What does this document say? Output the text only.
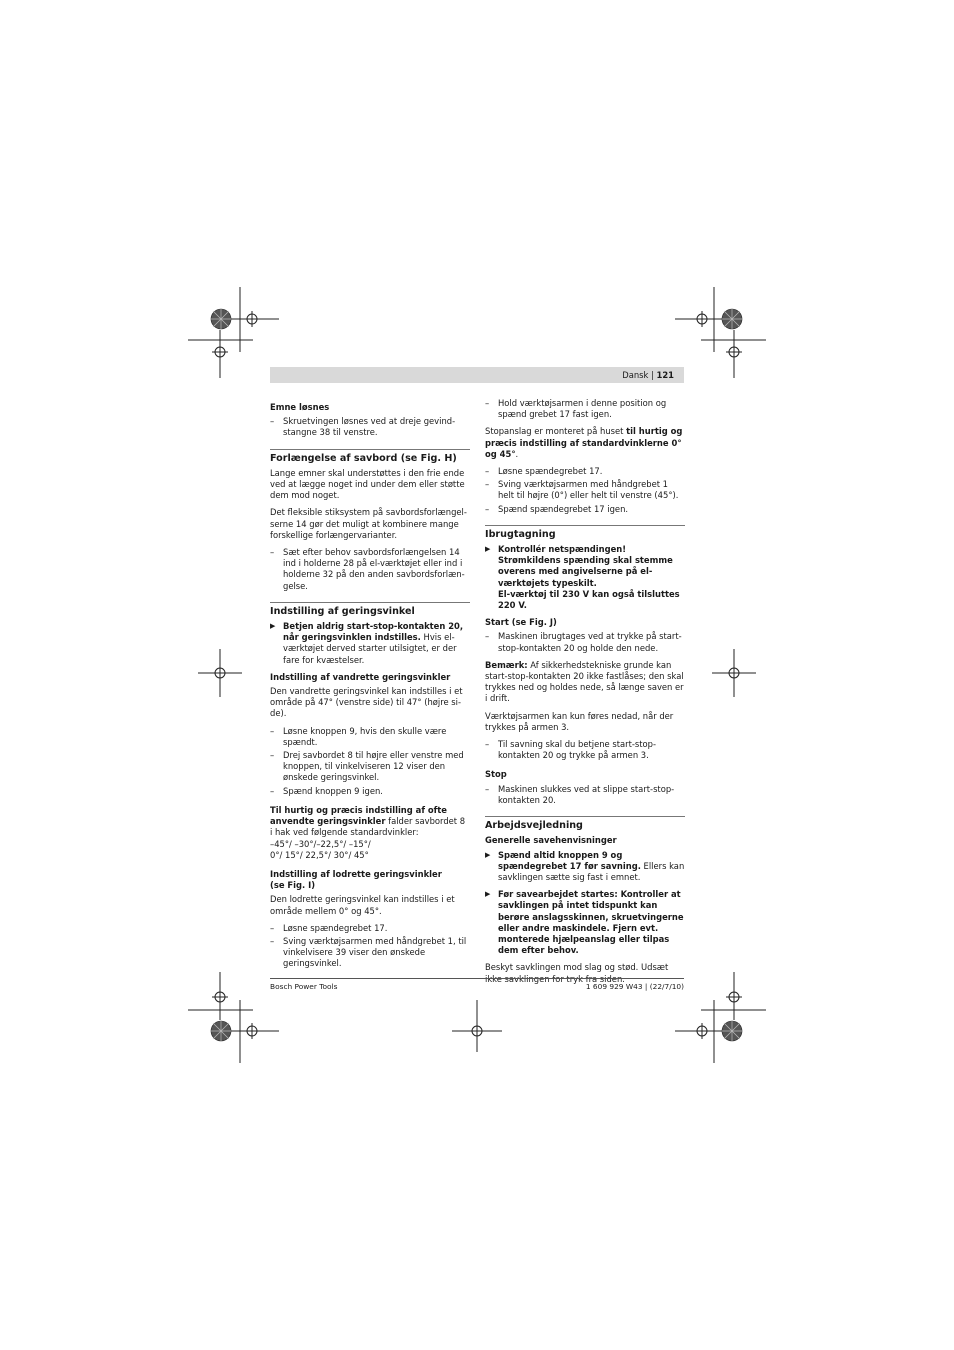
Dansk | 121
Emne løsnes
– Skruetvingen løsnes ved at dreje gevindstangne 38 til venstre.
Forlængelse af savbord (se Fig. H)

Lange emner skal understøttes i den frie ende ved at lægge noget ind under dem eller støtte dem mod noget.

Det fleksible stiksystem på savbordsforlængelserne 14 gør det muligt at kombinere mange forskellige forlængervarianter.

– Sæt efter behov savbordsforlængelsen 14 ind i holderne 28 på el-værktøjet eller ind i holderne 32 på den anden savbordsforlængelse.
Indstilling af geringsvinkel
▶ Betjen aldrig start-stop-kontakten 20, når geringsvinklen indstilles. Hvis el-værktøjet derved starter utilsigtet, er der fare for kvæstelser.
Indstilling af vandrette geringsvinkler

Den vandrette geringsvinkel kan indstilles i et område på 47° (venstre side) til 47° (højre side).

– Løsne knoppen 9, hvis den skulle være spændt.
– Drej savbordet 8 til højre eller venstre med knoppen, til vinkelviseren 12 viser den ønskede geringsvinkel.
– Spænd knoppen 9 igen.

Til hurtig og præcis indstilling af ofte anvendte geringsvinkler falder savbordet 8 i hak ved følgende standardvinkler:
–45°/ –30°/–22,5°/ –15°/
0°/ 15°/ 22,5°/ 30°/ 45°

Indstilling af lodrette geringsvinkler
(se Fig. I)

Den lodrette geringsvinkel kan indstilles i et område mellem 0° og 45°.

– Løsne spændegrebet 17.
– Sving værktøjsarmen med håndgrebet 1, til vinkelvisere 39 viser den ønskede geringsvinkel.
– Hold værktøjsarmen i denne position og spænd grebet 17 fast igen.

Stopanslag er monteret på huset til hurtig og præcis indstilling af standardvinklerne 0° og 45°.

– Løsne spændegrebet 17.
– Sving værktøjsarmen med håndgrebet 1 helt til højre (0°) eller helt til venstre (45°).
– Spænd spændegrebet 17 igen.
Ibrugtagning
▶ Kontrollér netspændingen! Strømkildens spænding skal stemme overens med angivelserne på el-værktøjets typeskilt.
El-værktøj til 230 V kan også tilsluttes 220 V.
Start (se Fig. J)
– Maskinen ibrugtages ved at trykke på start-stop-kontakten 20 og holde den nede.

Bemærk: Af sikkerhedstekniske grunde kan start-stop-kontakten 20 ikke fastlåses; den skal trykkes ned og holdes nede, så længe saven er i drift.

Værktøjsarmen kan kun føres nedad, når der trykkes på armen 3.

– Til savning skal du betjene start-stop-kontakten 20 og trykke på armen 3.
Stop
– Maskinen slukkes ved at slippe start-stop-kontakten 20.
Arbejdsvejledning
Generelle savehenvisninger
▶ Spænd altid knoppen 9 og spændegrebet 17 før savning. Ellers kan savklingen sætte sig fast i emnet.
▶ Før savearbejdet startes: Kontroller at savklingen på intet tidspunkt kan berøre anslagsskinnen, skruetvingerne eller andre maskindele. Fjern evt. monterede hjælpeanslag eller tilpas dem efter behov.

Beskyt savklingen mod slag og stød. Udsæt ikke savklingen for tryk fra siden.

Bosch Power Tools	1 609 929 W43 | (22/7/10)
